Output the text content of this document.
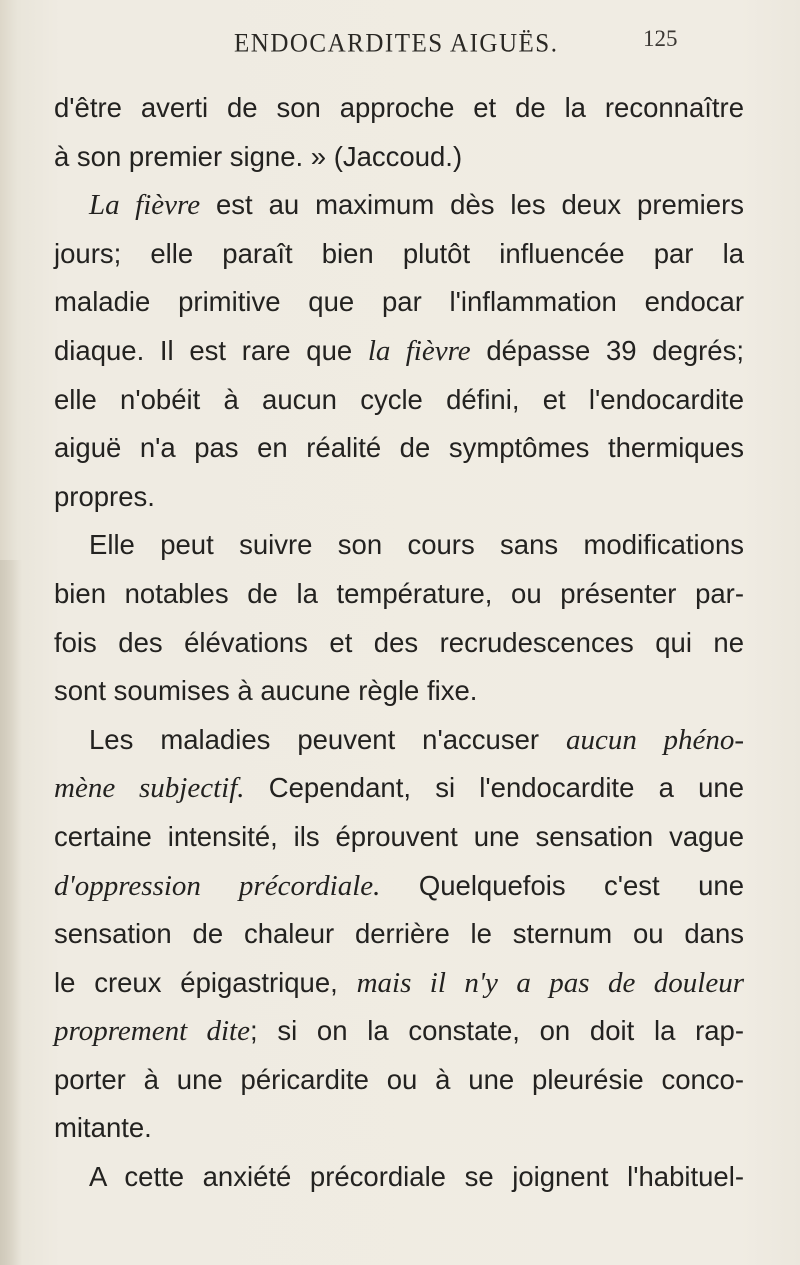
ENDOCARDITES AIGUËS.	125
d'être averti de son approche et de la reconnaître
à son premier signe. » (Jaccoud.)
La fièvre est au maximum dès les deux premiers
jours; elle paraît bien plutôt influencée par la
maladie primitive que par l'inflammation endocar
diaque. Il est rare que la fièvre dépasse 39 degrés;
elle n'obéit à aucun cycle défini, et l'endocardite
aiguë n'a pas en réalité de symptômes thermiques
propres.
Elle peut suivre son cours sans modifications
bien notables de la température, ou présenter par-
fois des élévations et des recrudescences qui ne
sont soumises à aucune règle fixe.
Les maladies peuvent n'accuser aucun phéno-
mène subjectif. Cependant, si l'endocardite a une
certaine intensité, ils éprouvent une sensation vague
d'oppression précordiale. Quelquefois c'est une
sensation de chaleur derrière le sternum ou dans
le creux épigastrique, mais il n'y a pas de douleur
proprement dite; si on la constate, on doit la rap-
porter à une péricardite ou à une pleurésie conco-
mitante.
A cette anxiété précordiale se joignent l'habituel-
